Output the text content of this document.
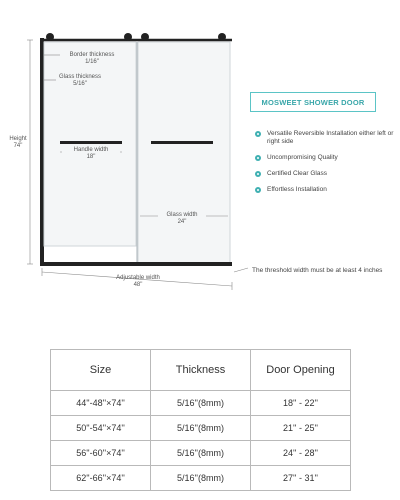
Border thickness
1/16"
Glass thickness
5/16"
Height
74"
Handle width
18"
Glass width
24"
Adjustable width
48"
MOSWEET SHOWER DOOR
Versatile Reversible Installation either left or right side
Uncompromising Quality
Certified Clear Glass
Effortless Installation
The threshold width must be at least 4 inches
Size	Thickness	Door Opening
44''-48''×74''	5/16''(8mm)	18'' - 22''
50''-54''×74''	5/16''(8mm)	21'' - 25''
56''-60''×74''	5/16''(8mm)	24'' - 28''
62''-66''×74''	5/16''(8mm)	27'' - 31''
